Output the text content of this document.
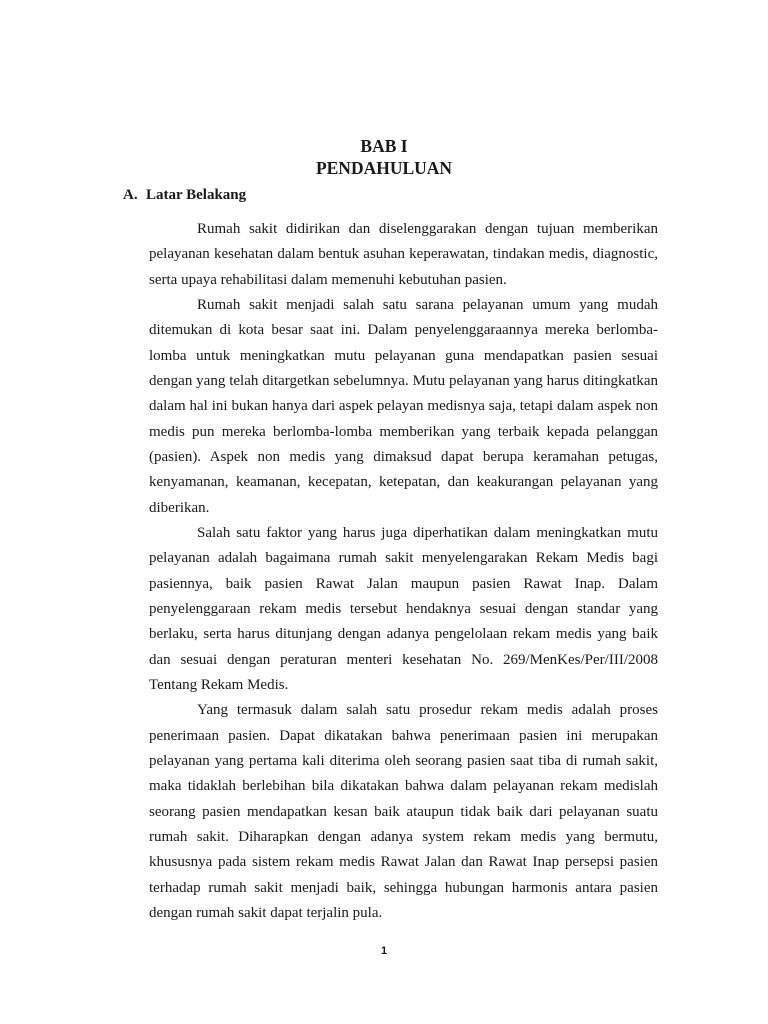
BAB I
PENDAHULUAN
A. Latar Belakang

Rumah sakit didirikan dan diselenggarakan dengan tujuan memberikan pelayanan kesehatan dalam bentuk asuhan keperawatan, tindakan medis, diagnostic, serta upaya rehabilitasi dalam memenuhi kebutuhan pasien.

Rumah sakit menjadi salah satu sarana pelayanan umum yang mudah ditemukan di kota besar saat ini. Dalam penyelenggaraannya mereka berlomba-lomba untuk meningkatkan mutu pelayanan guna mendapatkan pasien sesuai dengan yang telah ditargetkan sebelumnya. Mutu pelayanan yang harus ditingkatkan dalam hal ini bukan hanya dari aspek pelayan medisnya saja, tetapi dalam aspek non medis pun mereka berlomba-lomba memberikan yang terbaik kepada pelanggan (pasien). Aspek non medis yang dimaksud dapat berupa keramahan petugas, kenyamanan, keamanan, kecepatan, ketepatan, dan keakurangan pelayanan yang diberikan.

Salah satu faktor yang harus juga diperhatikan dalam meningkatkan mutu pelayanan adalah bagaimana rumah sakit menyelengarakan Rekam Medis bagi pasiennya, baik pasien Rawat Jalan maupun pasien Rawat Inap. Dalam penyelenggaraan rekam medis tersebut hendaknya sesuai dengan standar yang berlaku, serta harus ditunjang dengan adanya pengelolaan rekam medis yang baik dan sesuai dengan peraturan menteri kesehatan No. 269/MenKes/Per/III/2008 Tentang Rekam Medis.

Yang termasuk dalam salah satu prosedur rekam medis adalah proses penerimaan pasien. Dapat dikatakan bahwa penerimaan pasien ini merupakan pelayanan yang pertama kali diterima oleh seorang pasien saat tiba di rumah sakit, maka tidaklah berlebihan bila dikatakan bahwa dalam pelayanan rekam medislah seorang pasien mendapatkan kesan baik ataupun tidak baik dari pelayanan suatu rumah sakit. Diharapkan dengan adanya system rekam medis yang bermutu, khususnya pada sistem rekam medis Rawat Jalan dan Rawat Inap persepsi pasien terhadap rumah sakit menjadi baik, sehingga hubungan harmonis antara pasien dengan rumah sakit dapat terjalin pula.

1
